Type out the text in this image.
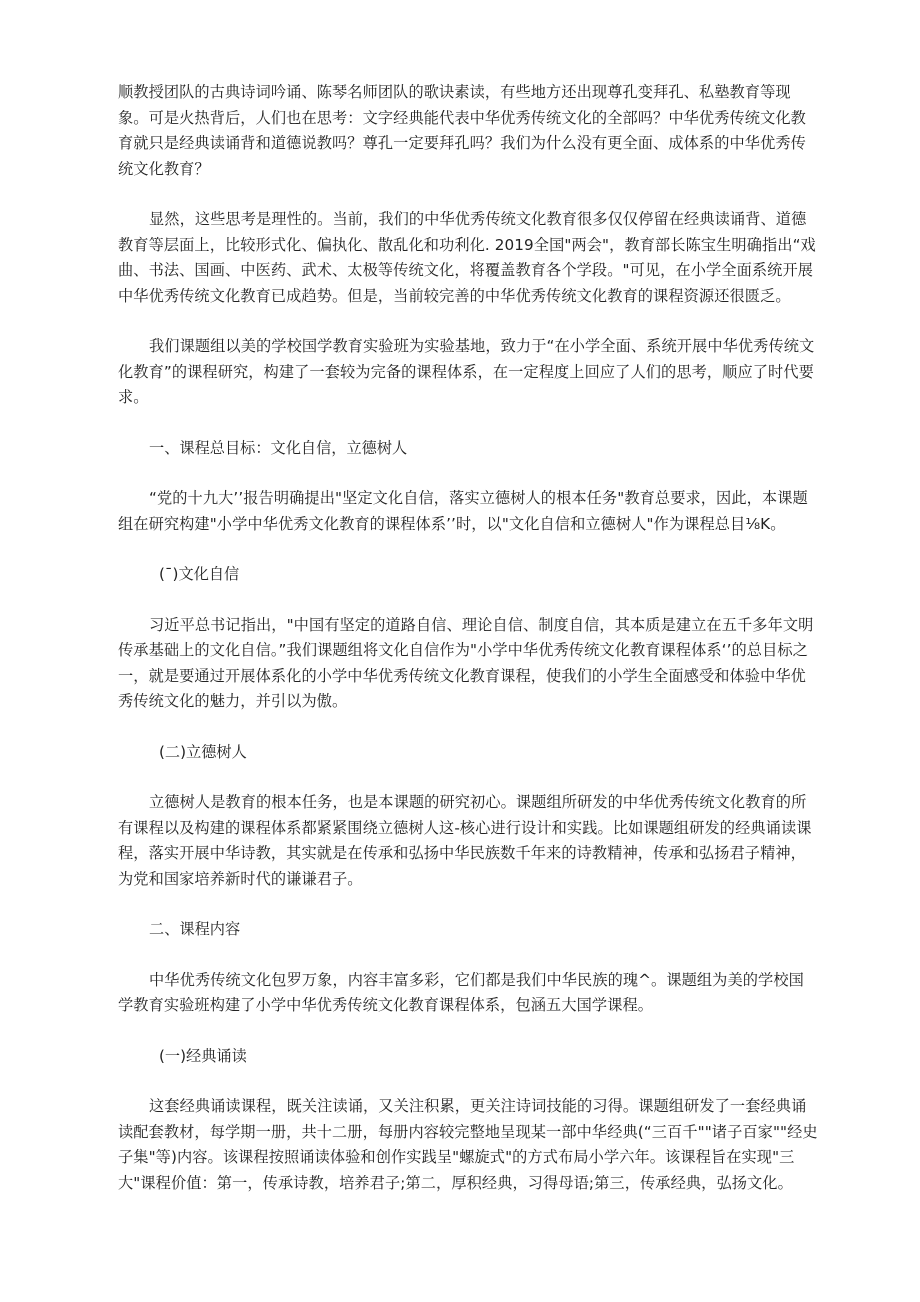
顺教授团队的古典诗词吟诵、陈琴名师团队的歌诀素读，有些地方还出现尊孔变拜孔、私塾教育等现象。可是火热背后，人们也在思考：文字经典能代表中华优秀传统文化的全部吗？中华优秀传统文化教育就只是经典读诵背和道德说教吗？尊孔一定要拜孔吗？我们为什么没有更全面、成体系的中华优秀传统文化教育？

显然，这些思考是理性的。当前，我们的中华优秀传统文化教育很多仅仅停留在经典读诵背、道德教育等层面上，比较形式化、偏执化、散乱化和功利化. 2019全国"两会"，教育部长陈宝生明确指出“戏曲、书法、国画、中医药、武术、太极等传统文化，将覆盖教育各个学段。"可见，在小学全面系统开展中华优秀传统文化教育已成趋势。但是，当前较完善的中华优秀传统文化教育的课程资源还很匮乏。

我们课题组以美的学校国学教育实验班为实验基地，致力于“在小学全面、系统开展中华优秀传统文化教育”的课程研究，构建了一套较为完备的课程体系，在一定程度上回应了人们的思考，顺应了时代要求。

一、课程总目标：文化自信，立德树人

“党的十九大’’报告明确提出"坚定文化自信，落实立德树人的根本任务"教育总要求，因此，本课题组在研究构建"小学中华优秀文化教育的课程体系’’时，以"文化自信和立德树人"作为课程总目⅛K。

(¯)文化自信

习近平总书记指出，"中国有坚定的道路自信、理论自信、制度自信，其本质是建立在五千多年文明传承基础上的文化自信。”我们课题组将文化自信作为"小学中华优秀传统文化教育课程体系‘’的总目标之一，就是要通过开展体系化的小学中华优秀传统文化教育课程，使我们的小学生全面感受和体验中华优秀传统文化的魅力，并引以为傲。

(二)立德树人

立德树人是教育的根本任务，也是本课题的研究初心。课题组所研发的中华优秀传统文化教育的所有课程以及构建的课程体系都紧紧围绕立德树人这-核心进行设计和实践。比如课题组研发的经典诵读课程，落实开展中华诗教，其实就是在传承和弘扬中华民族数千年来的诗教精神，传承和弘扬君子精神，为党和国家培养新时代的谦谦君子。

二、课程内容

中华优秀传统文化包罗万象，内容丰富多彩，它们都是我们中华民族的瑰^。课题组为美的学校国学教育实验班构建了小学中华优秀传统文化教育课程体系，包涵五大国学课程。

(一)经典诵读

这套经典诵读课程，既关注读诵，又关注积累，更关注诗词技能的习得。课题组研发了一套经典诵读配套教材，每学期一册，共十二册，每册内容较完整地呈现某一部中华经典(“三百千""诸子百家""经史子集"等)内容。该课程按照诵读体验和创作实践呈"螺旋式"的方式布局小学六年。该课程旨在实现"三大"课程价值：第一，传承诗教，培养君子;第二，厚积经典，习得母语;第三，传承经典，弘扬文化。
